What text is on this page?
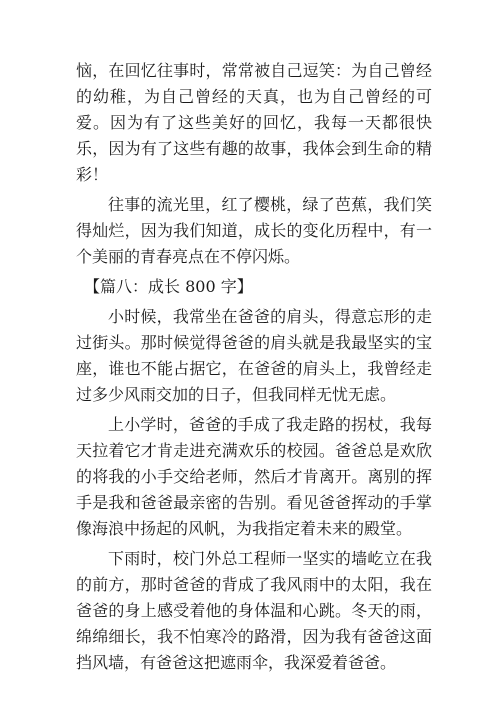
恼，在回忆往事时，常常被自己逗笑：为自己曾经的幼稚，为自己曾经的天真，也为自己曾经的可爱。因为有了这些美好的回忆，我每一天都很快乐，因为有了这些有趣的故事，我体会到生命的精彩！

往事的流光里，红了樱桃，绿了芭蕉，我们笑得灿烂，因为我们知道，成长的变化历程中，有一个美丽的青春亮点在不停闪烁。

【篇八：成长 800 字】

小时候，我常坐在爸爸的肩头，得意忘形的走过街头。那时候觉得爸爸的肩头就是我最坚实的宝座，谁也不能占据它，在爸爸的肩头上，我曾经走过多少风雨交加的日子，但我同样无忧无虑。

上小学时，爸爸的手成了我走路的拐杖，我每天拉着它才肯走进充满欢乐的校园。爸爸总是欢欣的将我的小手交给老师，然后才肯离开。离别的挥手是我和爸爸最亲密的告别。看见爸爸挥动的手掌像海浪中扬起的风帆，为我指定着未来的殿堂。

下雨时，校门外总工程师一坚实的墙屹立在我的前方，那时爸爸的背成了我风雨中的太阳，我在爸爸的身上感受着他的身体温和心跳。冬天的雨，绵绵细长，我不怕寒冷的路滑，因为我有爸爸这面挡风墙，有爸爸这把遮雨伞，我深爱着爸爸。
